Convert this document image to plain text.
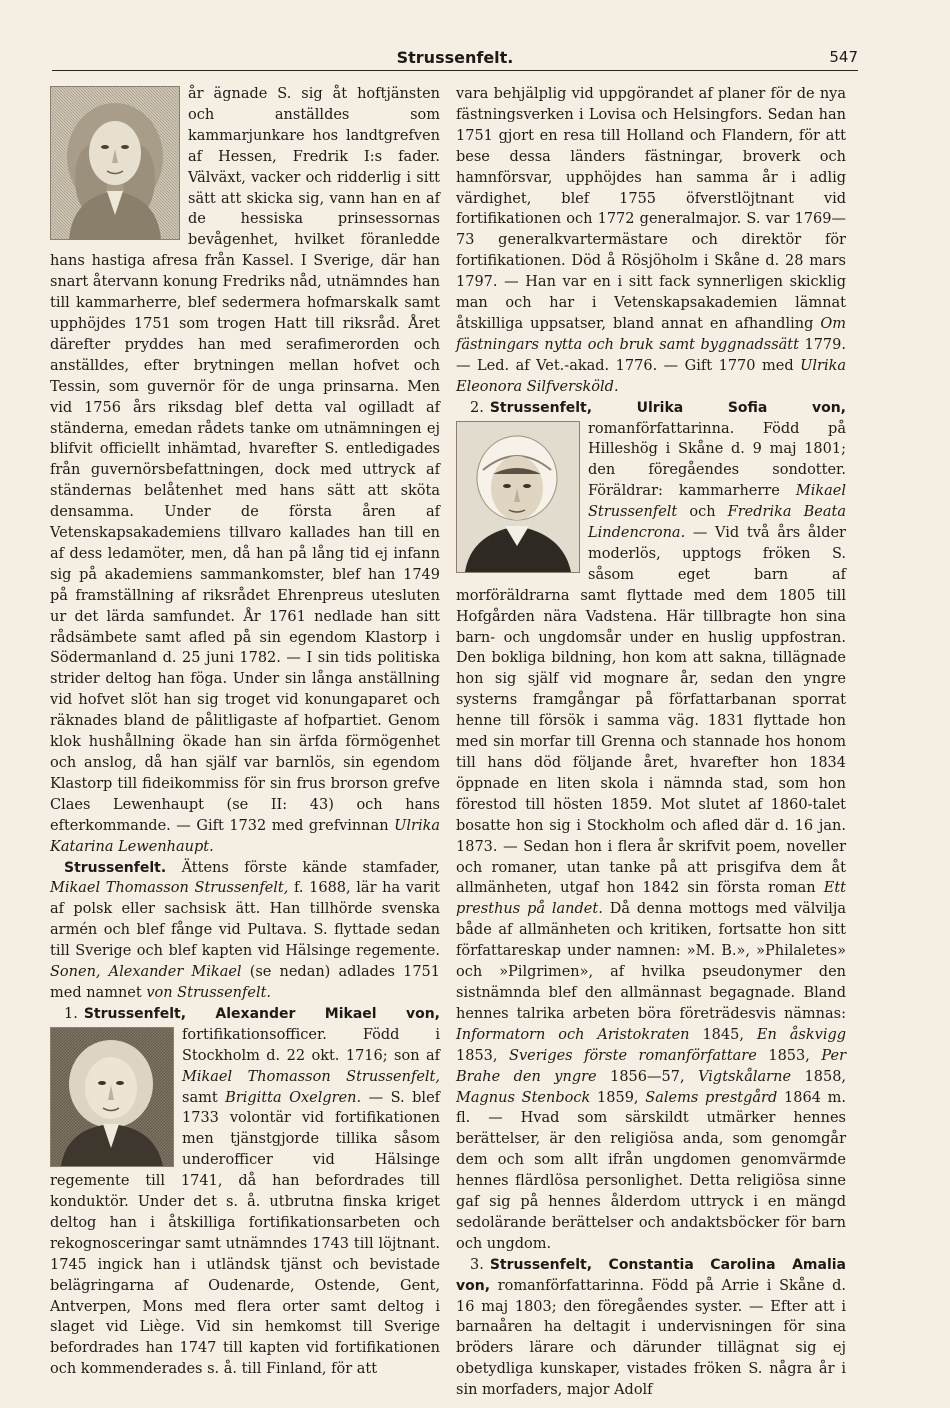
Strussenfelt.	547

år ägnade S. sig åt hoftjänsten och anställdes som kammarjunkare hos landtgrefven af Hessen, Fredrik I:s fader. Välväxt, vacker och ridderlig i sitt sätt att skicka sig, vann han en af de hessiska prinsessornas bevågenhet, hvilket föranledde hans hastiga afresa från Kassel. I Sverige, där han snart återvann konung Fredriks nåd, utnämndes han till kammarherre, blef sedermera hofmarskalk samt upphöjdes 1751 som trogen Hatt till riksråd. Året därefter pryddes han med serafimerorden och anställdes, efter brytningen mellan hofvet och Tessin, som guvernör för de unga prinsarna. Men vid 1756 års riksdag blef detta val ogilladt af ständerna, emedan rådets tanke om utnämningen ej blifvit officiellt inhämtad, hvarefter S. entledigades från guvernörsbefattningen, dock med uttryck af ständernas belåtenhet med hans sätt att sköta densamma. Under de första åren af Vetenskapsakademiens tillvaro kallades han till en af dess ledamöter, men, då han på lång tid ej infann sig på akademiens sammankomster, blef han 1749 på framställning af riksrådet Ehrenpreus utesluten ur det lärda samfundet. År 1761 nedlade han sitt rådsämbete samt afled på sin egendom Klastorp i Södermanland d. 25 juni 1782. — I sin tids politiska strider deltog han föga. Under sin långa anställning vid hofvet slöt han sig troget vid konungaparet och räknades bland de pålitligaste af hofpartiet. Genom klok hushållning ökade han sin ärfda förmögenhet och anslog, då han själf var barnlös, sin egendom Klastorp till fideikommiss för sin frus brorson grefve Claes Lewenhaupt (se II: 43) och hans efterkommande. — Gift 1732 med grefvinnan Ulrika Katarina Lewenhaupt.

Strussenfelt. Ättens förste kände stamfader, Mikael Thomasson Strussenfelt, f. 1688, lär ha varit af polsk eller sachsisk ätt. Han tillhörde svenska armén och blef fånge vid Pultava. S. flyttade sedan till Sverige och blef kapten vid Hälsinge regemente. Sonen, Alexander Mikael (se nedan) adlades 1751 med namnet von Strussenfelt.

1. Strussenfelt, Alexander Mikael von,
fortifikationsofficer. Född i Stockholm d. 22 okt. 1716; son af Mikael Thomasson Strussenfelt, samt Brigitta Oxelgren. — S. blef 1733 volontär vid fortifikationen men tjänstgjorde tillika såsom underofficer vid Hälsinge regemente till 1741, då han befordrades till konduktör. Under det s. å. utbrutna finska kriget deltog han i åtskilliga fortifikationsarbeten och rekognosceringar samt utnämndes 1743 till löjtnant. 1745 ingick han i utländsk tjänst och bevistade belägringarna af Oudenarde, Ostende, Gent, Antverpen, Mons med flera orter samt deltog i slaget vid Liège. Vid sin hemkomst till Sverige befordrades han 1747 till kapten vid fortifikationen och kommenderades s. å. till Finland, för att

vara behjälplig vid uppgörandet af planer för de nya fästningsverken i Lovisa och Helsingfors. Sedan han 1751 gjort en resa till Holland och Flandern, för att bese dessa länders fästningar, broverk och hamnförsvar, upphöjdes han samma år i adlig värdighet, blef 1755 öfverstlöjtnant vid fortifikationen och 1772 generalmajor. S. var 1769—73 generalkvartermästare och direktör för fortifikationen. Död å Rösjöholm i Skåne d. 28 mars 1797. — Han var en i sitt fack synnerligen skicklig man och har i Vetenskapsakademien lämnat åtskilliga uppsatser, bland annat en afhandling Om fästningars nytta och bruk samt byggnadssätt 1779. — Led. af Vet.-akad. 1776. — Gift 1770 med Ulrika Eleonora Silfversköld.

2. Strussenfelt, Ulrika Sofia von,
romanförfattarinna. Född på Hilleshög i Skåne d. 9 maj 1801; den föregåendes sondotter. Föräldrar: kammarherre Mikael Strussenfelt och Fredrika Beata Lindencrona. — Vid två års ålder moderlös, upptogs fröken S. såsom eget barn af morföräldrarna samt flyttade med dem 1805 till Hofgården nära Vadstena. Här tillbragte hon sina barn- och ungdomsår under en huslig uppfostran. Den bokliga bildning, hon kom att sakna, tillägnade hon sig själf vid mognare år, sedan den yngre systerns framgångar på författarbanan sporrat henne till försök i samma väg. 1831 flyttade hon med sin morfar till Grenna och stannade hos honom till hans död följande året, hvarefter hon 1834 öppnade en liten skola i nämnda stad, som hon förestod till hösten 1859. Mot slutet af 1860-talet bosatte hon sig i Stockholm och afled där d. 16 jan. 1873. — Sedan hon i flera år skrifvit poem, noveller och romaner, utan tanke på att prisgifva dem åt allmänheten, utgaf hon 1842 sin första roman Ett presthus på landet. Då denna mottogs med välvilja både af allmänheten och kritiken, fortsatte hon sitt författareskap under namnen: »M. B.», »Philaletes» och »Pilgrimen», af hvilka pseudonymer den sistnämnda blef den allmännast begagnade. Bland hennes talrika arbeten böra företrädesvis nämnas: Informatorn och Aristokraten 1845, En åskvigg 1853, Sveriges förste romanförfattare 1853, Per Brahe den yngre 1856—57, Vigtskålarne 1858, Magnus Stenbock 1859, Salems prestgård 1864 m. fl. — Hvad som särskildt utmärker hennes berättelser, är den religiösa anda, som genomgår dem och som allt ifrån ungdomen genomvärmde hennes flärdlösa personlighet. Detta religiösa sinne gaf sig på hennes ålderdom uttryck i en mängd sedolärande berättelser och andaktsböcker för barn och ungdom.

3. Strussenfelt, Constantia Carolina Amalia von, romanförfattarinna. Född på Arrie i Skåne d. 16 maj 1803; den föregåendes syster. — Efter att i barnaåren ha deltagit i undervisningen för sina bröders lärare och därunder tillägnat sig ej obetydliga kunskaper, vistades fröken S. några år i sin morfaders, major Adolf
